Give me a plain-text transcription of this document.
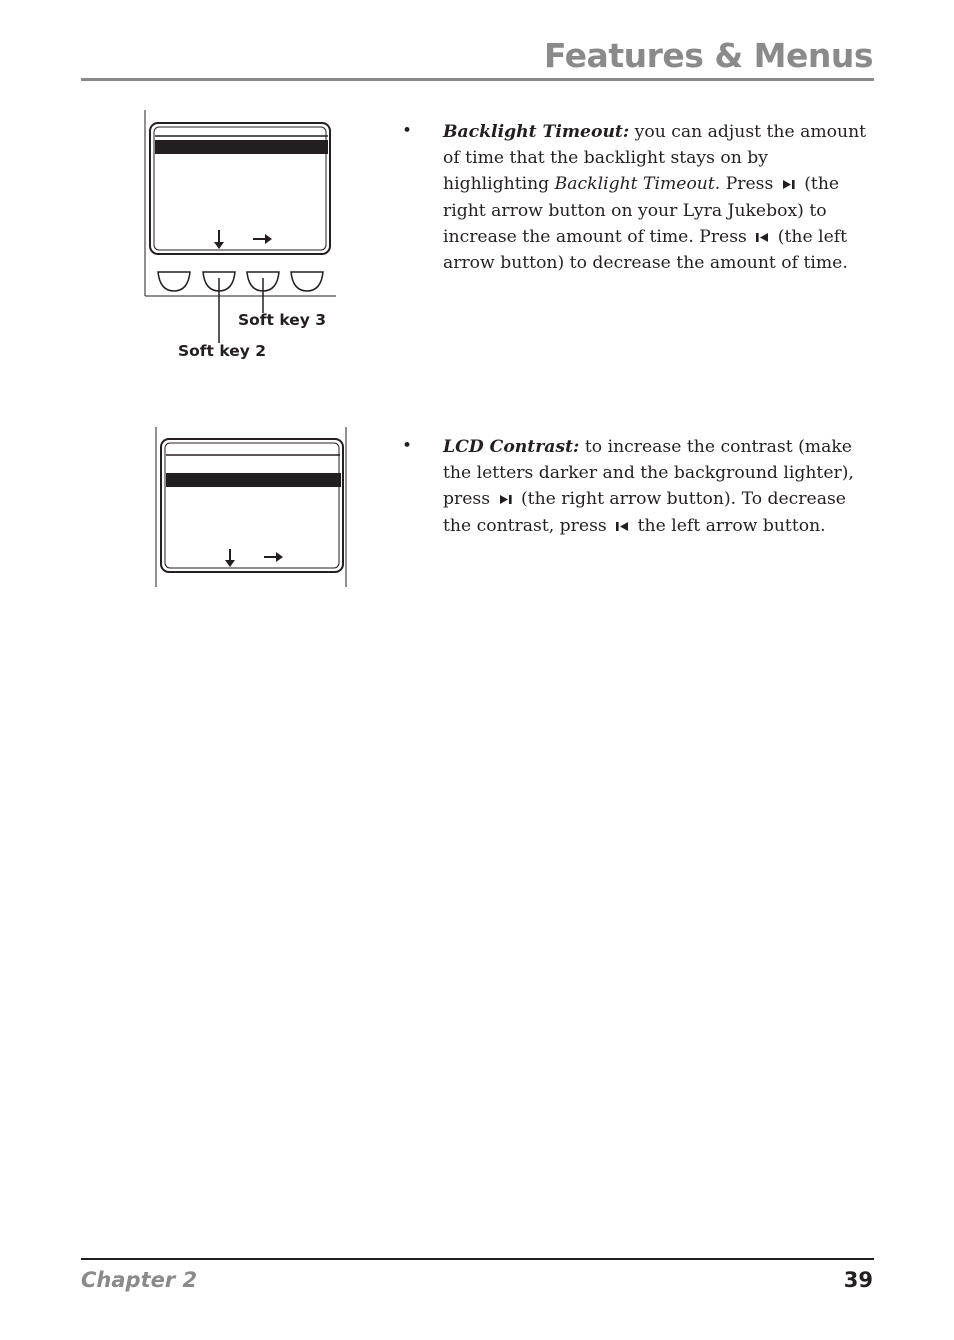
Features & Menus
Soft key 3
Soft key 2
• Backlight Timeout: you can adjust the amount of time that the backlight stays on by highlighting Backlight Timeout. Press  (the right arrow button on your Lyra Jukebox) to increase the amount of time. Press  (the left arrow button) to decrease the amount of time.
• LCD Contrast: to increase the contrast (make the letters darker and the background lighter), press  (the right arrow button). To decrease the contrast, press  the left arrow button.
Chapter 2	39
